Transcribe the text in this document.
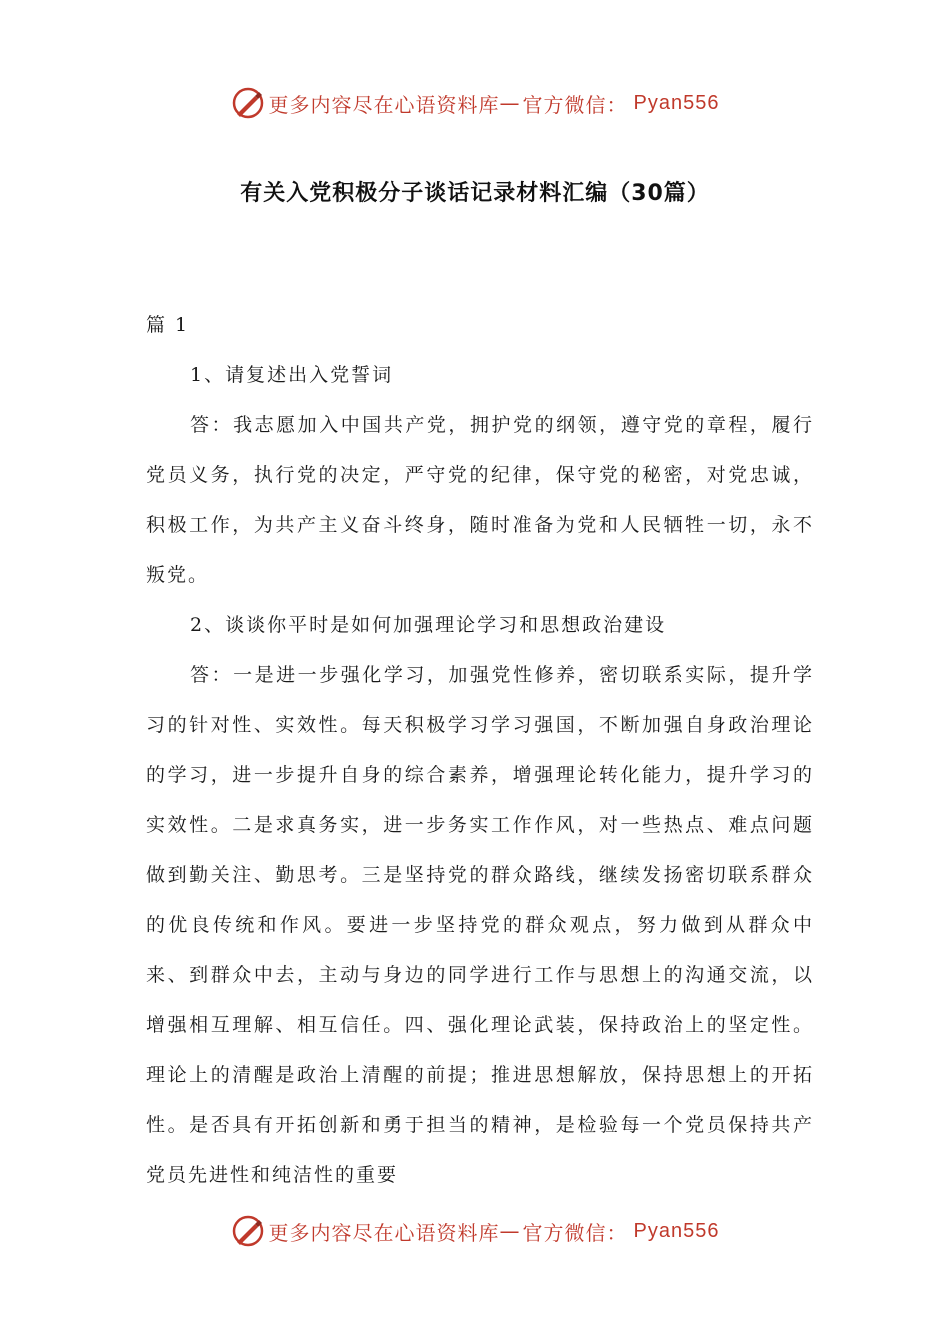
更多内容尽在心语资料库 — 官方微信： Pyan556
有关入党积极分子谈话记录材料汇编（30篇）

篇 1

1、请复述出入党誓词

答：我志愿加入中国共产党，拥护党的纲领，遵守党的章程，履行党员义务，执行党的决定，严守党的纪律，保守党的秘密，对党忠诚，积极工作，为共产主义奋斗终身，随时准备为党和人民牺牲一切，永不叛党。

2、谈谈你平时是如何加强理论学习和思想政治建设

答：一是进一步强化学习，加强党性修养，密切联系实际，提升学习的针对性、实效性。每天积极学习学习强国，不断加强自身政治理论的学习，进一步提升自身的综合素养，增强理论转化能力，提升学习的实效性。二是求真务实，进一步务实工作作风，对一些热点、难点问题做到勤关注、勤思考。三是坚持党的群众路线，继续发扬密切联系群众的优良传统和作风。要进一步坚持党的群众观点，努力做到从群众中来、到群众中去，主动与身边的同学进行工作与思想上的沟通交流，以增强相互理解、相互信任。四、强化理论武装，保持政治上的坚定性。理论上的清醒是政治上清醒的前提；推进思想解放，保持思想上的开拓性。是否具有开拓创新和勇于担当的精神，是检验每一个党员保持共产党员先进性和纯洁性的重要

更多内容尽在心语资料库 — 官方微信： Pyan556
